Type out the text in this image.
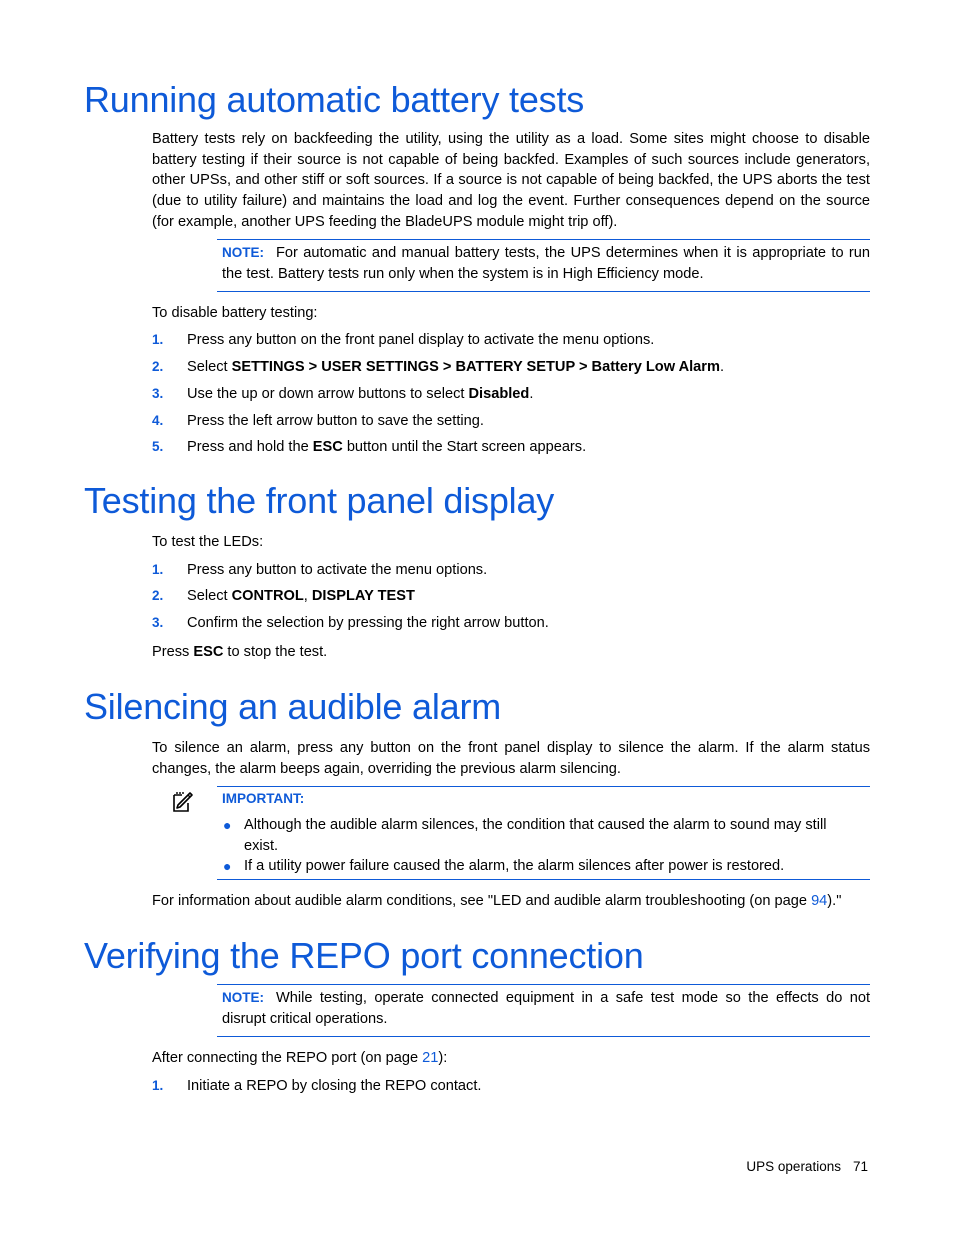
Running automatic battery tests

Battery tests rely on backfeeding the utility, using the utility as a load. Some sites might choose to disable battery testing if their source is not capable of being backfed. Examples of such sources include generators, other UPSs, and other stiff or soft sources. If a source is not capable of being backfed, the UPS aborts the test (due to utility failure) and maintains the load and log the event. Further consequences depend on the source (for example, another UPS feeding the BladeUPS module might trip off).

NOTE: For automatic and manual battery tests, the UPS determines when it is appropriate to run the test. Battery tests run only when the system is in High Efficiency mode.

To disable battery testing:

1. Press any button on the front panel display to activate the menu options.
2. Select SETTINGS > USER SETTINGS > BATTERY SETUP > Battery Low Alarm.
3. Use the up or down arrow buttons to select Disabled.
4. Press the left arrow button to save the setting.
5. Press and hold the ESC button until the Start screen appears.
Testing the front panel display

To test the LEDs:

1. Press any button to activate the menu options.
2. Select CONTROL, DISPLAY TEST
3. Confirm the selection by pressing the right arrow button.

Press ESC to stop the test.

Silencing an audible alarm

To silence an alarm, press any button on the front panel display to silence the alarm. If the alarm status changes, the alarm beeps again, overriding the previous alarm silencing.

IMPORTANT:
● Although the audible alarm silences, the condition that caused the alarm to sound may still exist.
● If a utility power failure caused the alarm, the alarm silences after power is restored.

For information about audible alarm conditions, see "LED and audible alarm troubleshooting (on page 94)."

Verifying the REPO port connection
NOTE: While testing, operate connected equipment in a safe test mode so the effects do not disrupt critical operations.

After connecting the REPO port (on page 21):

1. Initiate a REPO by closing the REPO contact.
UPS operations 71
